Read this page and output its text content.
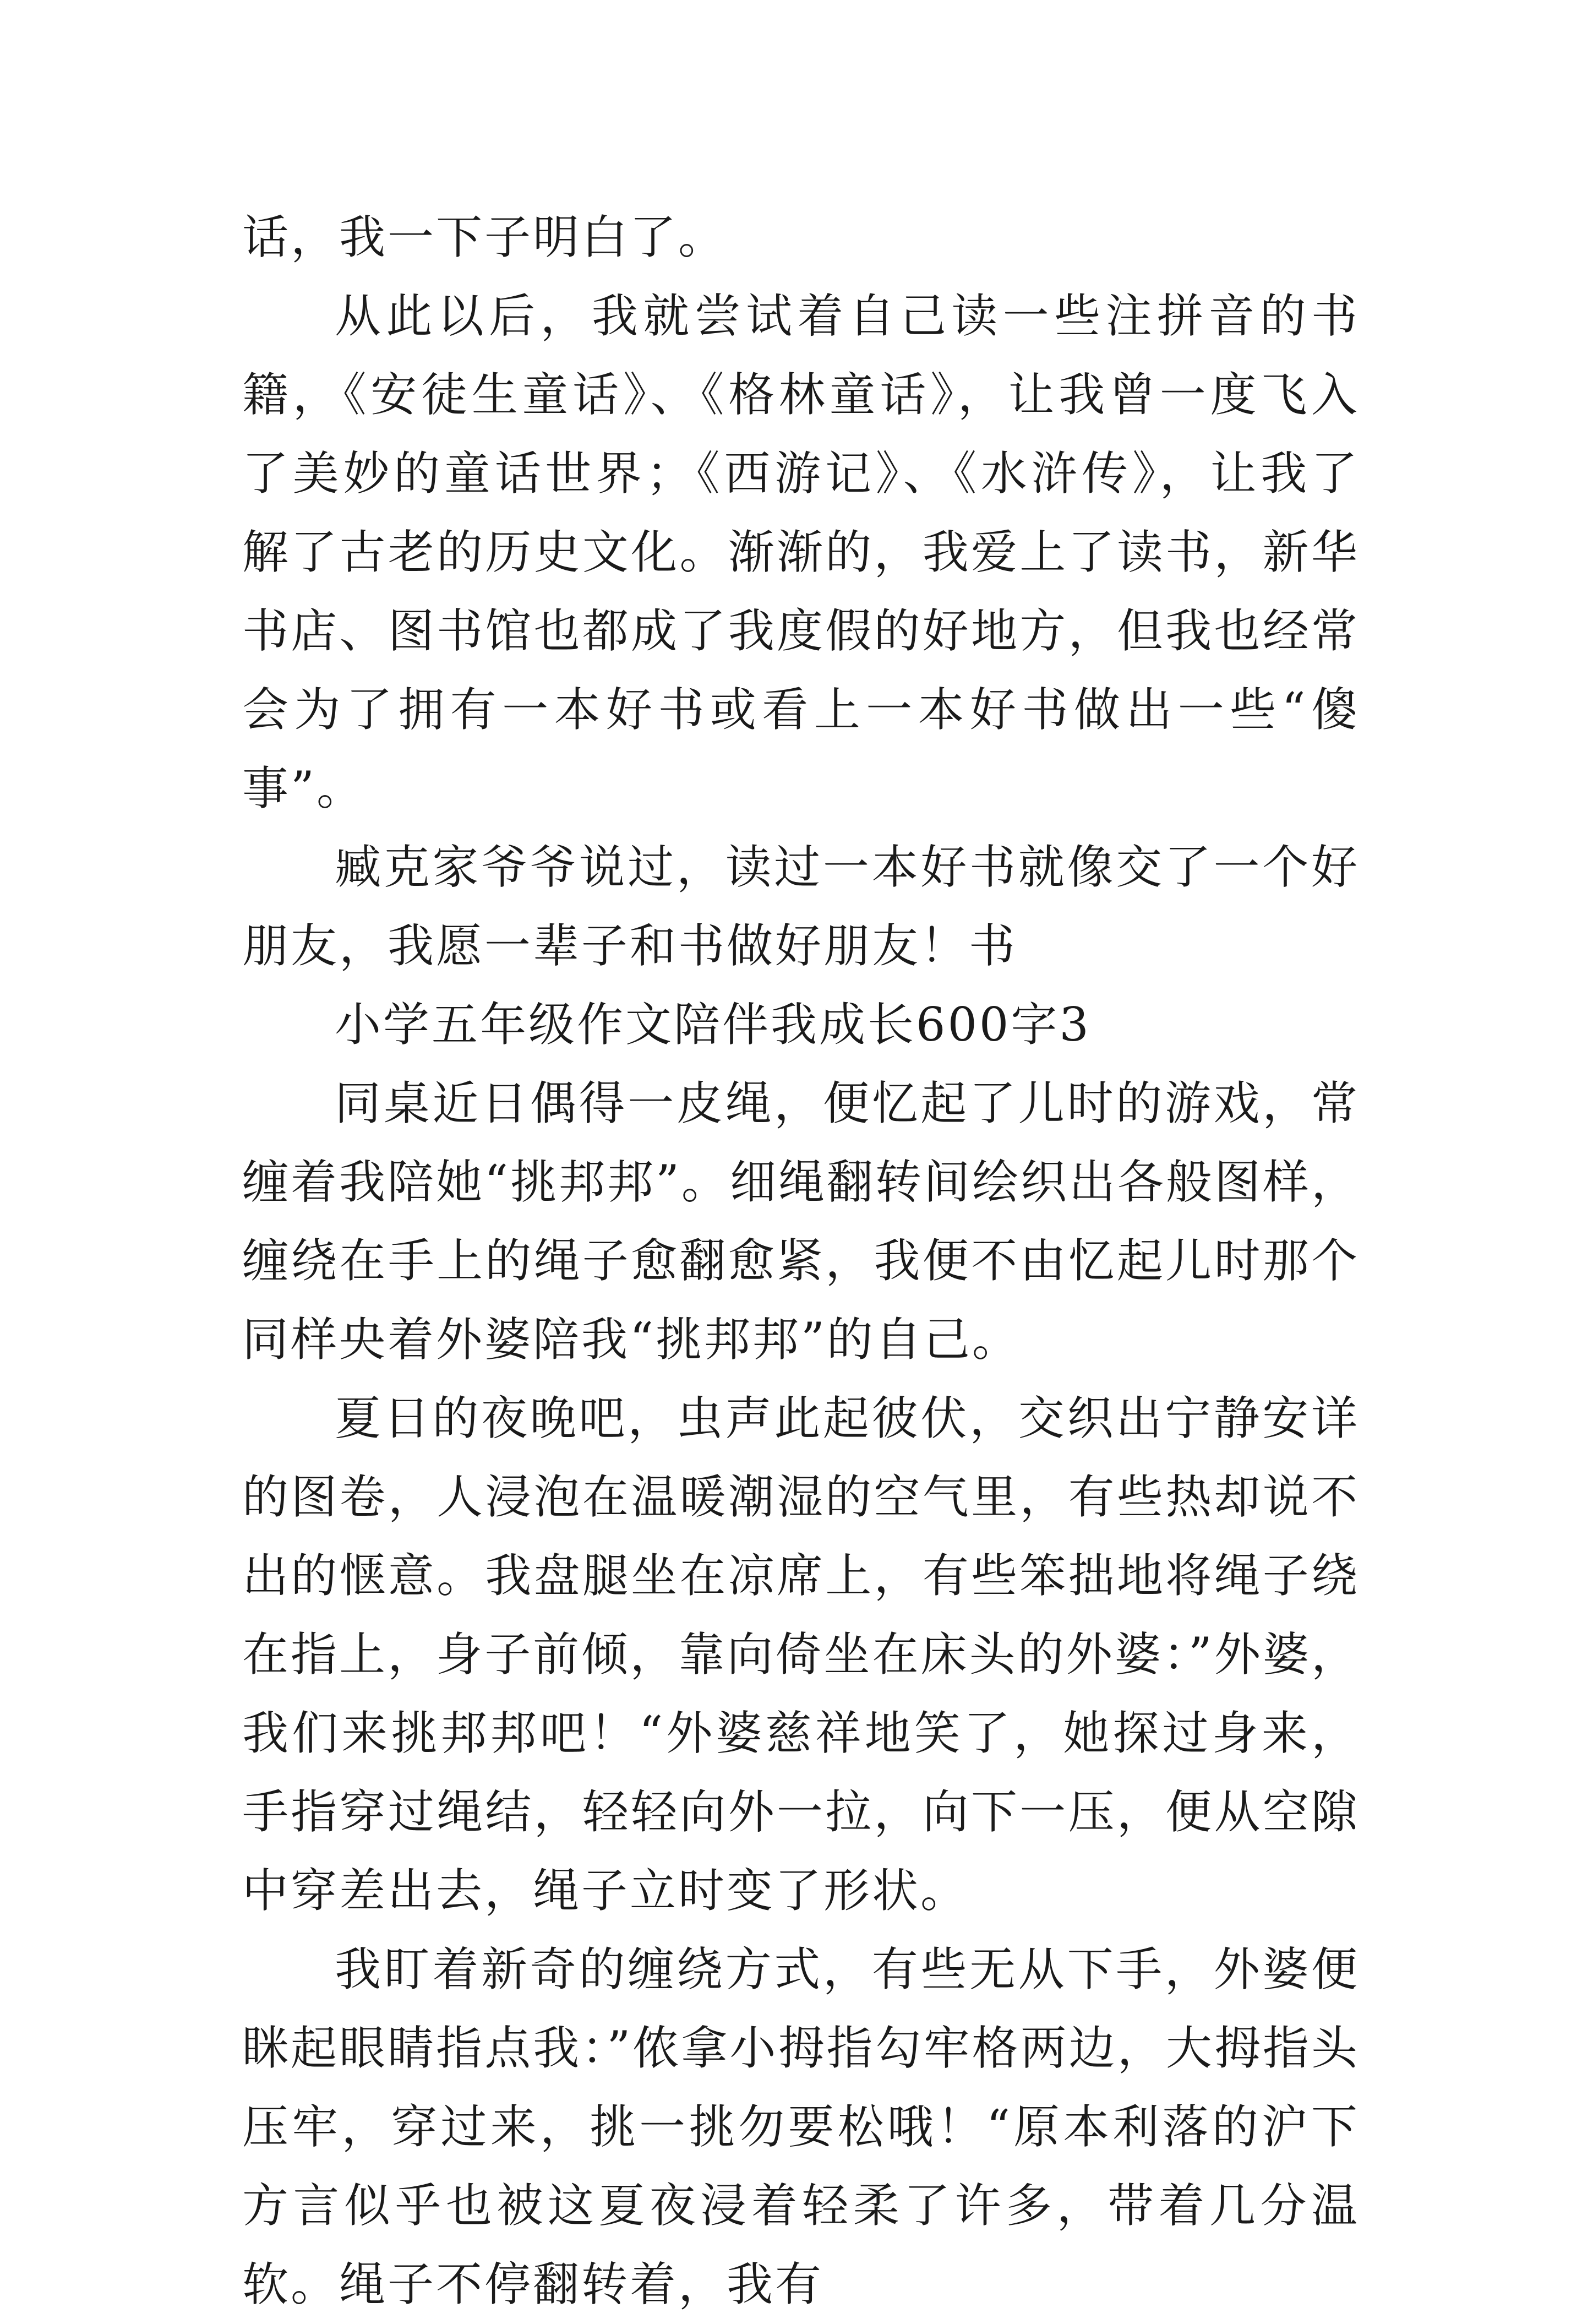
话，我一下子明白了。

从此以后，我就尝试着自己读一些注拼音的书籍，《安徒生童话》、《格林童话》，让我曾一度飞入了美妙的童话世界；《西游记》、《水浒传》，让我了解了古老的历史文化。渐渐的，我爱上了读书，新华书店、图书馆也都成了我度假的好地方，但我也经常会为了拥有一本好书或看上一本好书做出一些“傻事”。

臧克家爷爷说过，读过一本好书就像交了一个好朋友，我愿一辈子和书做好朋友！书

小学五年级作文陪伴我成长600字3

同桌近日偶得一皮绳，便忆起了儿时的游戏，常缠着我陪她“挑邦邦”。细绳翻转间绘织出各般图样，缠绕在手上的绳子愈翻愈紧，我便不由忆起儿时那个同样央着外婆陪我“挑邦邦”的自己。

夏日的夜晚吧，虫声此起彼伏，交织出宁静安详的图卷，人浸泡在温暖潮湿的空气里，有些热却说不出的惬意。我盘腿坐在凉席上，有些笨拙地将绳子绕在指上，身子前倾，靠向倚坐在床头的外婆：”外婆，我们来挑邦邦吧！“外婆慈祥地笑了，她探过身来，手指穿过绳结，轻轻向外一拉，向下一压，便从空隙中穿差出去，绳子立时变了形状。

我盯着新奇的缠绕方式，有些无从下手，外婆便眯起眼睛指点我：”侬拿小拇指勾牢格两边，大拇指头压牢，穿过来，挑一挑勿要松哦！“原本利落的沪下方言似乎也被这夏夜浸着轻柔了许多，带着几分温软。绳子不停翻转着，我有
